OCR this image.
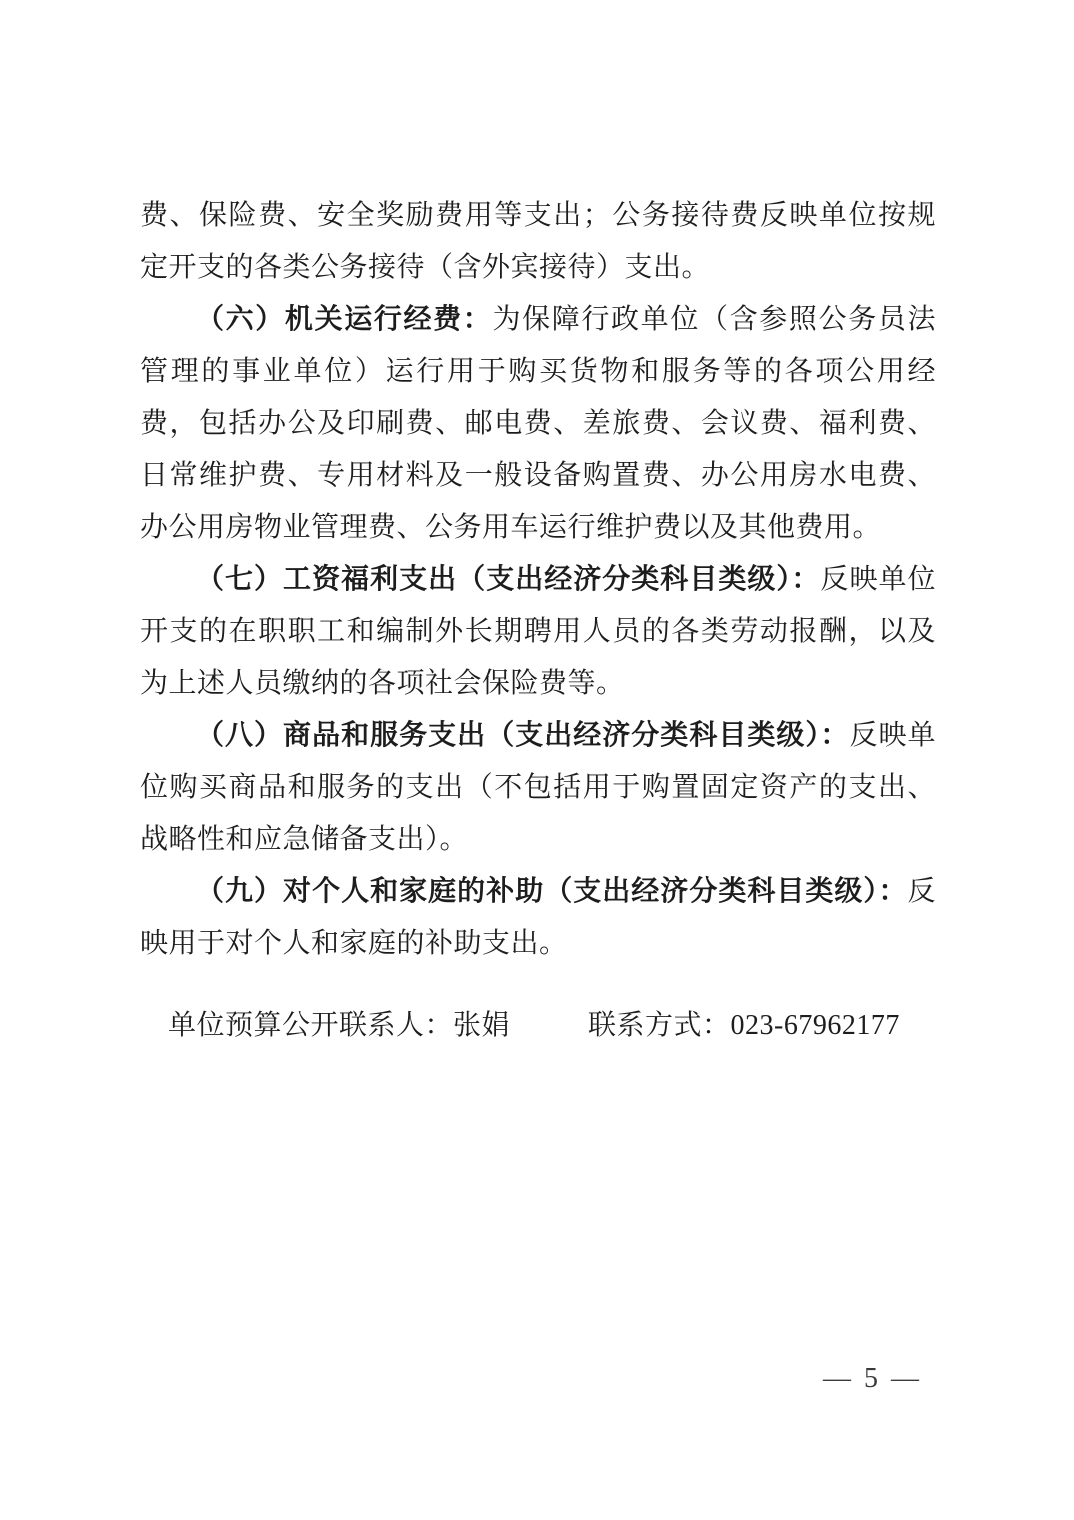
费、保险费、安全奖励费用等支出；公务接待费反映单位按规定开支的各类公务接待（含外宾接待）支出。

（六）机关运行经费：为保障行政单位（含参照公务员法管理的事业单位）运行用于购买货物和服务等的各项公用经费，包括办公及印刷费、邮电费、差旅费、会议费、福利费、日常维护费、专用材料及一般设备购置费、办公用房水电费、办公用房物业管理费、公务用车运行维护费以及其他费用。

（七）工资福利支出（支出经济分类科目类级）：反映单位开支的在职职工和编制外长期聘用人员的各类劳动报酬，以及为上述人员缴纳的各项社会保险费等。

（八）商品和服务支出（支出经济分类科目类级）：反映单位购买商品和服务的支出（不包括用于购置固定资产的支出、战略性和应急储备支出）。

（九）对个人和家庭的补助（支出经济分类科目类级）：反映用于对个人和家庭的补助支出。

单位预算公开联系人：张娟	联系方式：023-67962177

— 5 —
